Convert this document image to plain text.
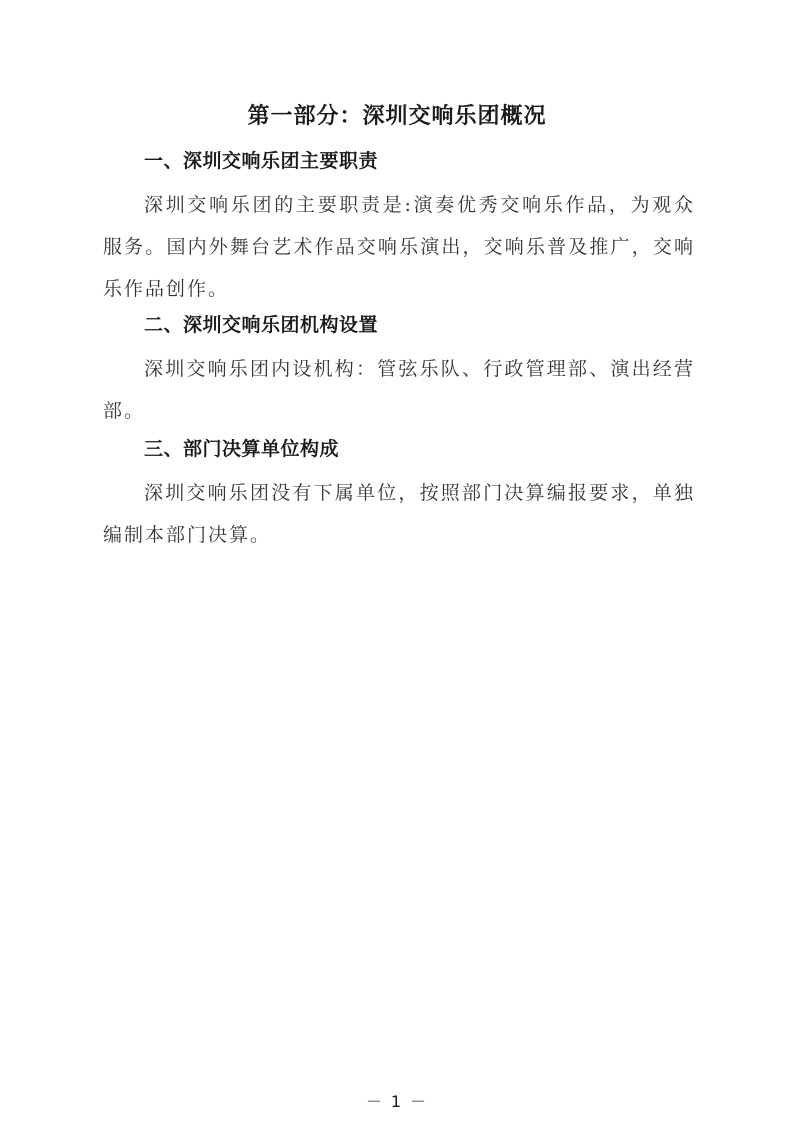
第一部分：深圳交响乐团概况

一、深圳交响乐团主要职责

深圳交响乐团的主要职责是:演奏优秀交响乐作品，为观众服务。国内外舞台艺术作品交响乐演出，交响乐普及推广，交响乐作品创作。

二、深圳交响乐团机构设置

深圳交响乐团内设机构：管弦乐队、行政管理部、演出经营部。

三、部门决算单位构成

深圳交响乐团没有下属单位，按照部门决算编报要求，单独编制本部门决算。

－ 1 －
